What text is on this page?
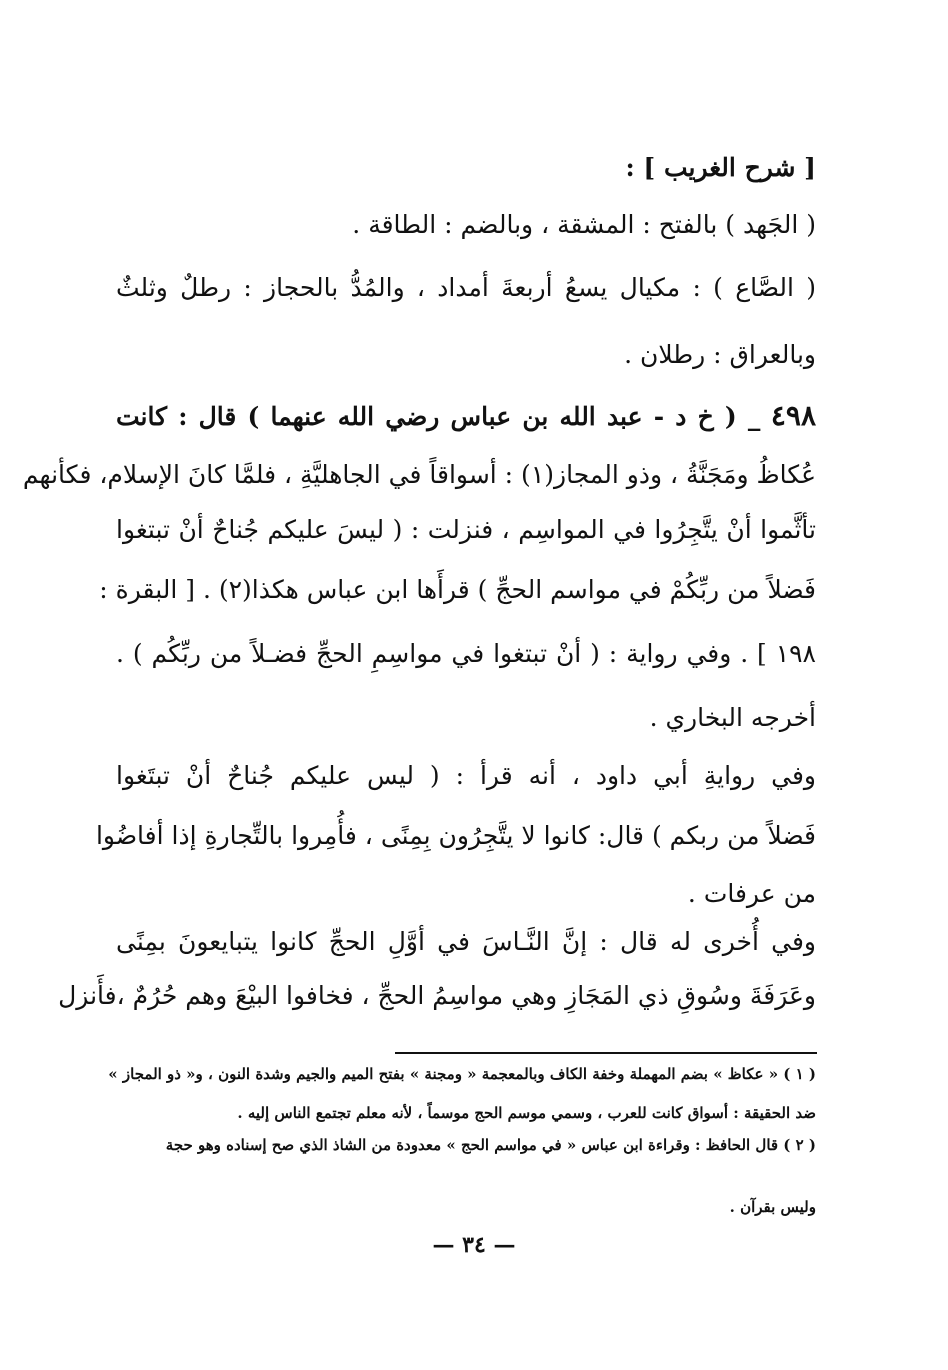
[ شرح الغريب ] :
( الجَهد ) بالفتح : المشقة ، وبالضم : الطاقة .
( الصَّاع ) : مكيال يسعُ أربعةَ أمداد ، والمُدُّ بالحجاز : رطلٌ وثلثٌ
وبالعراق : رطلان .
٤٩٨ _ ( خ د - عبد الله بن عباس رضي الله عنهما ) قال : كانت
عُكاظُ ومَجَنَّةُ ، وذو المجاز(١) : أسواقاً في الجاهليَّةِ ، فلمَّا كانَ الإسلام، فكأنهم
تأثَّموا أنْ يتَّجِرُوا في المواسِم ، فنزلت : ( ليسَ عليكم جُناحٌ أنْ تبتغوا
فَضلاً من ربِّكُمْ في مواسم الحجِّ ) قرأَها ابن عباس هكذا(٢) . [ البقرة :
١٩٨ ] . وفي رواية : ( أنْ تبتغوا في مواسِمِ الحجِّ فضـلاً من ربِّكُم ) .
أخرجه البخاري .
وفي روايةِ أبي داود ، أنه قرأ : ( ليس عليكم جُناحٌ أنْ تبتَغوا
فَضلاً من ربكم ) قال: كانوا لا يتَّجِرُون بِمِنًى ، فأُمِروا بالتِّجارةِ إذا أفاضُوا
من عرفات .
وفي أُخرى له قال : إنَّ النَّـاسَ في أوَّلِ الحجِّ كانوا يتبايعونَ بمِنًى
وعَرَفَةَ وسُوقِ ذي المَجَازِ وهي مواسِمُ الحجِّ ، فخافوا البيْعَ وهم حُرُمٌ ،فأَنزل
( ١ ) « عكاظ » بضم المهملة وخفة الكاف وبالمعجمة « ومجنة » بفتح الميم والجيم وشدة النون ، و« ذو المجاز »
ضد الحقيقة : أسواق كانت للعرب ، وسمي موسم الحج موسماً ، لأنه معلم تجتمع الناس إليه .
( ٢ ) قال الحافظ : وقراءة ابن عباس « في مواسم الحج » معدودة من الشاذ الذي صح إسناده وهو حجة
وليس بقرآن .
— ٣٤ —
